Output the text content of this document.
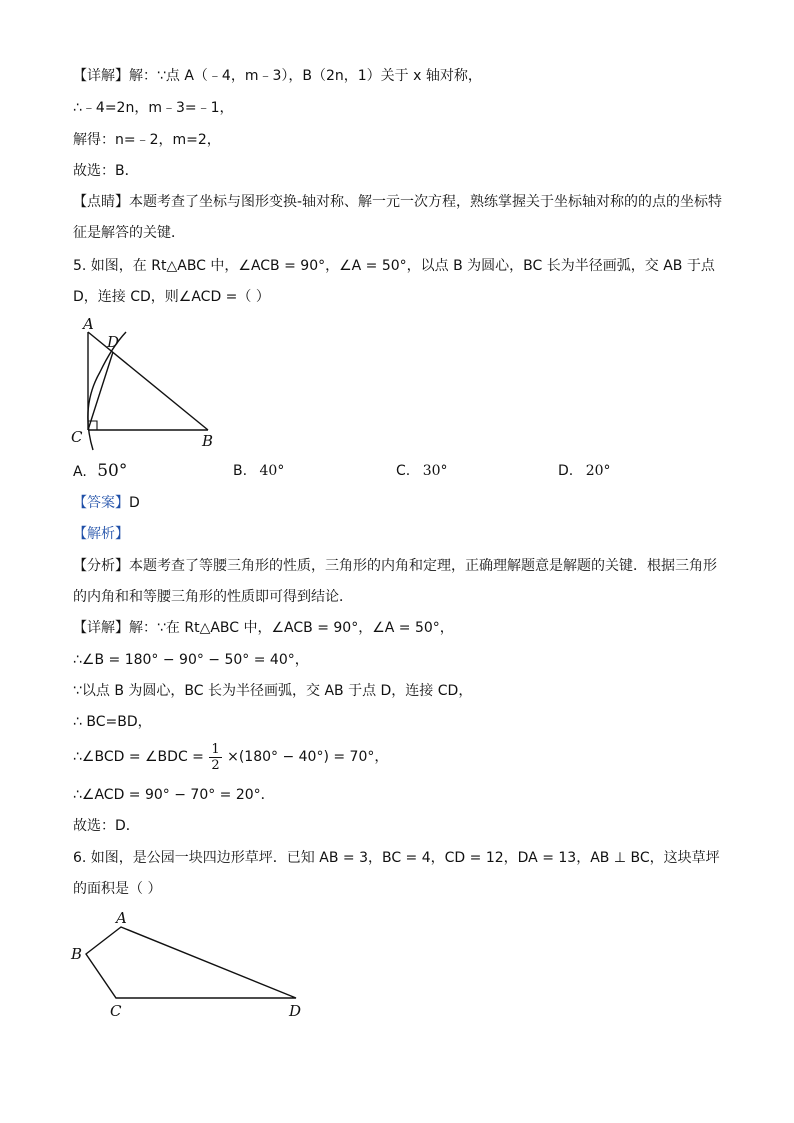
【详解】解：∵点 A（﹣4，m﹣3），B（2n，1）关于 x 轴对称，
∴﹣4=2n，m﹣3=﹣1，
解得：n=﹣2，m=2，
故选：B．
【点睛】本题考查了坐标与图形变换-轴对称、解一元一次方程，熟练掌握关于坐标轴对称的的点的坐标特
征是解答的关键．
5. 如图，在 Rt△ABC 中，∠ACB = 90°，∠A = 50°，以点 B 为圆心，BC 长为半径画弧，交 AB 于点
D，连接 CD，则∠ACD =（ ）
A
D
C	B
A. 50°	B. 40°	C. 30°	D. 20°
【答案】D
【解析】
【分析】本题考查了等腰三角形的性质，三角形的内角和定理，正确理解题意是解题的关键．根据三角形
的内角和和等腰三角形的性质即可得到结论．
【详解】解：∵在 Rt△ABC 中，∠ACB = 90°，∠A = 50°，
∴∠B = 180° − 90° − 50° = 40°，
∵以点 B 为圆心，BC 长为半径画弧，交 AB 于点 D，连接 CD，
∴ BC=BD，
∴∠BCD = ∠BDC = $\frac{1}{2} \times(180^\circ - 40^\circ) = 70^\circ$，
∴∠ACD = 90° − 70° = 20°．
故选：D．
6. 如图，是公园一块四边形草坪．已知 AB = 3，BC = 4，CD = 12，DA = 13，AB ⊥ BC，这块草坪
的面积是（ ）
A
B
C	D
